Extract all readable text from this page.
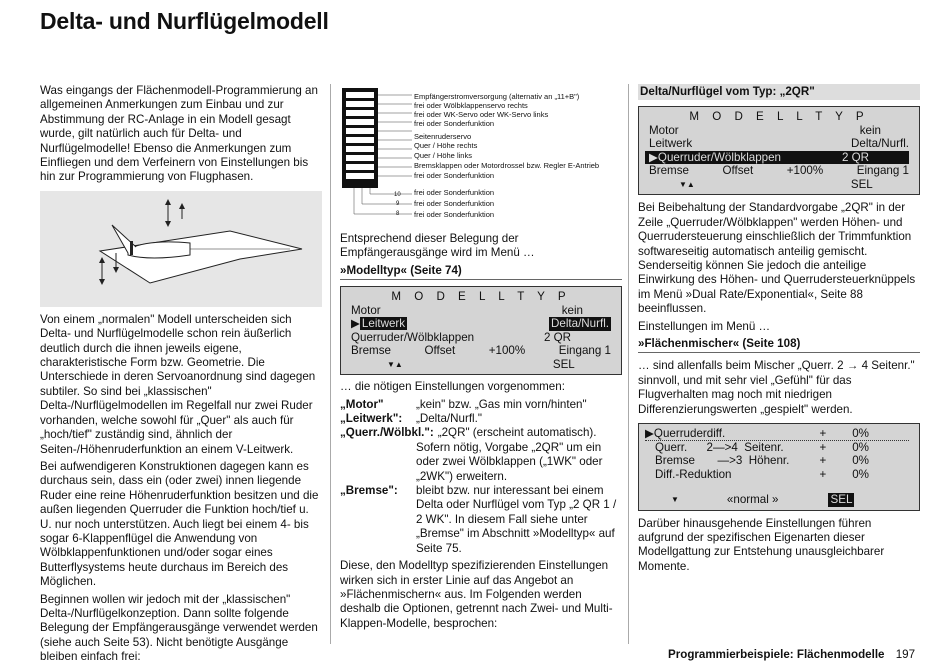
Delta- und Nurflügelmodell

Was eingangs der Flächenmodell-Programmierung an allgemeinen Anmerkungen zum Einbau und zur Abstimmung der RC-Anlage in ein Modell gesagt wurde, gilt natürlich auch für Delta- und Nurflügelmodelle! Ebenso die Anmerkungen zum Einfliegen und dem Verfeinern von Einstellungen bis hin zur Programmierung von Flugphasen.

Von einem „normalen" Modell unterscheiden sich Delta- und Nurflügelmodelle schon rein äußerlich deutlich durch die ihnen jeweils eigene, charakteristische Form bzw. Geometrie. Die Unterschiede in deren Servoanordnung sind dagegen subtiler. So sind bei „klassischen" Delta-/Nurflügelmodellen im Regelfall nur zwei Ruder vorhanden, welche sowohl für „Quer" als auch für „hoch/tief" zuständig sind, ähnlich der Seiten-/Höhenruderfunktion an einem V-Leitwerk.

Bei aufwendigeren Konstruktionen dagegen kann es durchaus sein, dass ein (oder zwei) innen liegende Ruder eine reine Höhenruderfunktion besitzen und die außen liegenden Querruder die Funktion hoch/tief u. U. nur noch unterstützen. Auch liegt bei einem 4- bis sogar 6-Klappenflügel die Anwendung von Wölbklappenfunktionen und/oder sogar eines Butterflysystems heute durchaus im Bereich des Möglichen.

Beginnen wollen wir jedoch mit der „klassischen" Delta-/Nurflügelkonzeption. Dann sollte folgende Belegung der Empfängerausgänge verwendet werden (siehe auch Seite 53). Nicht benötigte Ausgänge bleiben einfach frei:

Empfängerstromversorgung (alternativ an „11+B")
frei oder Wölbklappenservo rechts
frei oder WK-Servo oder WK-Servo links
frei oder Sonderfunktion
Seitenruderservo
Quer / Höhe rechts
Quer / Höhe links
Bremsklappen oder Motordrossel bzw. Regler E-Antrieb
frei oder Sonderfunktion
frei oder Sonderfunktion
frei oder Sonderfunktion
frei oder Sonderfunktion
10
9
8

Entsprechend dieser Belegung der Empfängerausgänge wird im Menü …

»Modelltyp« (Seite 74)
M O D E L L T Y P
Motor	kein
▶ Leitwerk	Delta/Nurfl.
Querruder/Wölbklappen	2 QR
Bremse	Offset	+100%	Eingang 1
▼▲	SEL

… die nötigen Einstellungen vorgenommen:

„Motor"	„kein" bzw. „Gas min vorn/hinten"
„Leitwerk":	„Delta/Nurfl."
„Querr./Wölbkl.": „2QR" (erscheint automatisch).
Sofern nötig, Vorgabe „2QR" um ein oder zwei Wölbklappen („1WK" oder „2WK") erweitern.
„Bremse":	bleibt bzw. nur interessant bei einem Delta oder Nurflügel vom Typ „2 QR 1 / 2 WK". In diesem Fall siehe unter „Bremse" im Abschnitt »Modelltyp« auf Seite 75.

Diese, den Modelltyp spezifizierenden Einstellungen wirken sich in erster Linie auf das Angebot an »Flächenmischern« aus. Im Folgenden werden deshalb die Optionen, getrennt nach Zwei- und Multi-Klappen-Modelle, besprochen:

Delta/Nurflügel vom Typ: „2QR"
M O D E L L T Y P
Motor	kein
Leitwerk	Delta/Nurfl.
▶Querruder/Wölbklappen	2 QR
Bremse	Offset	+100%	Eingang 1
▼▲	SEL

Bei Beibehaltung der Standardvorgabe „2QR" in der Zeile „Querruder/Wölbklappen" werden Höhen- und Querrudersteuerung einschließlich der Trimmfunktion softwareseitig automatisch anteilig gemischt. Senderseitig können Sie jedoch die anteilige Einwirkung des Höhen- und Querrudersteuerknüppels im Menü »Dual Rate/Exponential«, Seite 88 beeinflussen.

Einstellungen im Menü …

»Flächenmischer« (Seite 108)

… sind allenfalls beim Mischer „Querr. 2 → 4 Seitenr." sinnvoll, und mit sehr viel „Gefühl" für das Flugverhalten mag noch mit niedrigen Differenzierungswerten „gespielt" werden.

▶Querruderdiff.	+ 0%
Querr.      2—>4  Seitenr.	+ 0%
Bremse       —>3  Höhenr.	+ 0%
Diff.-Reduktion	+ 0%
▼	«normal »	SEL

Darüber hinausgehende Einstellungen führen aufgrund der spezifischen Eigenarten dieser Modellgattung zur Entstehung unausgleichbarer Momente.

Programmierbeispiele: Flächenmodelle 197
